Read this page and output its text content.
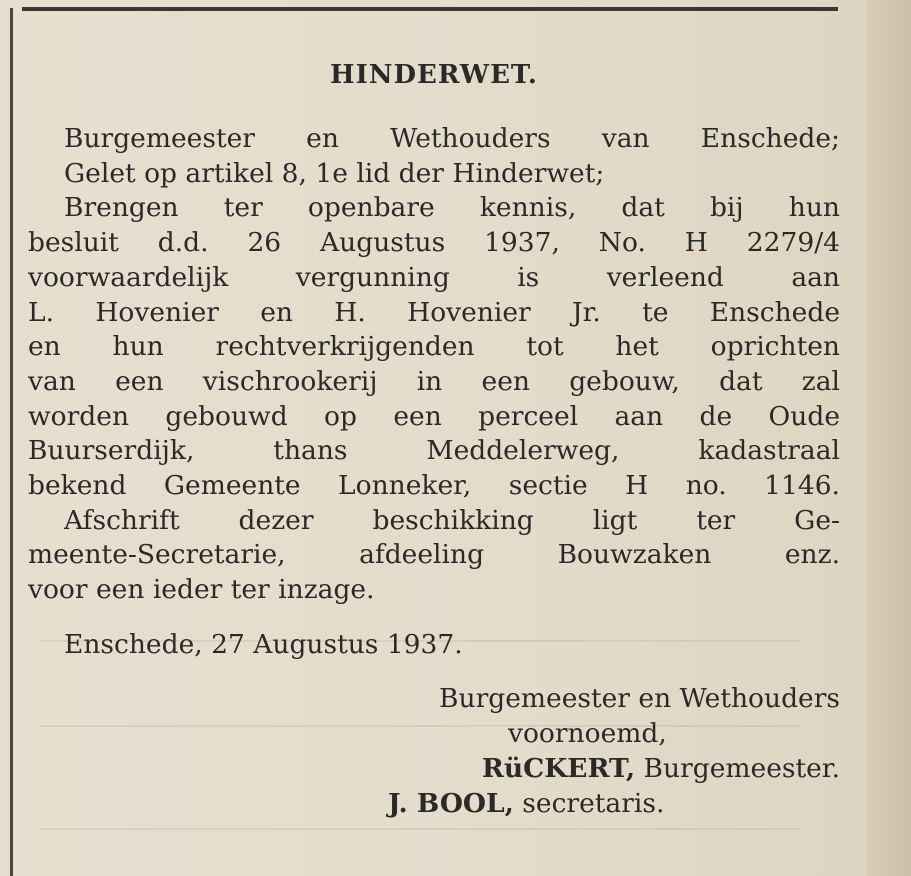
HINDERWET.
Burgemeester en Wethouders van Enschede;
Gelet op artikel 8, 1e lid der Hinderwet;
Brengen ter openbare kennis, dat bij hun
besluit d.d. 26 Augustus 1937, No. H 2279/4
voorwaardelijk vergunning is verleend aan
L. Hovenier en H. Hovenier Jr. te Enschede
en hun rechtverkrijgenden tot het oprichten
van een vischrookerij in een gebouw, dat zal
worden gebouwd op een perceel aan de Oude
Buurserdijk, thans Meddelerweg, kadastraal
bekend Gemeente Lonneker, sectie H no. 1146.
Afschrift dezer beschikking ligt ter Ge-
meente-Secretarie, afdeeling Bouwzaken enz.
voor een ieder ter inzage.
Enschede, 27 Augustus 1937.
Burgemeester en Wethouders
voornoemd,
RüCKERT, Burgemeester.
J. BOOL, secretaris.
